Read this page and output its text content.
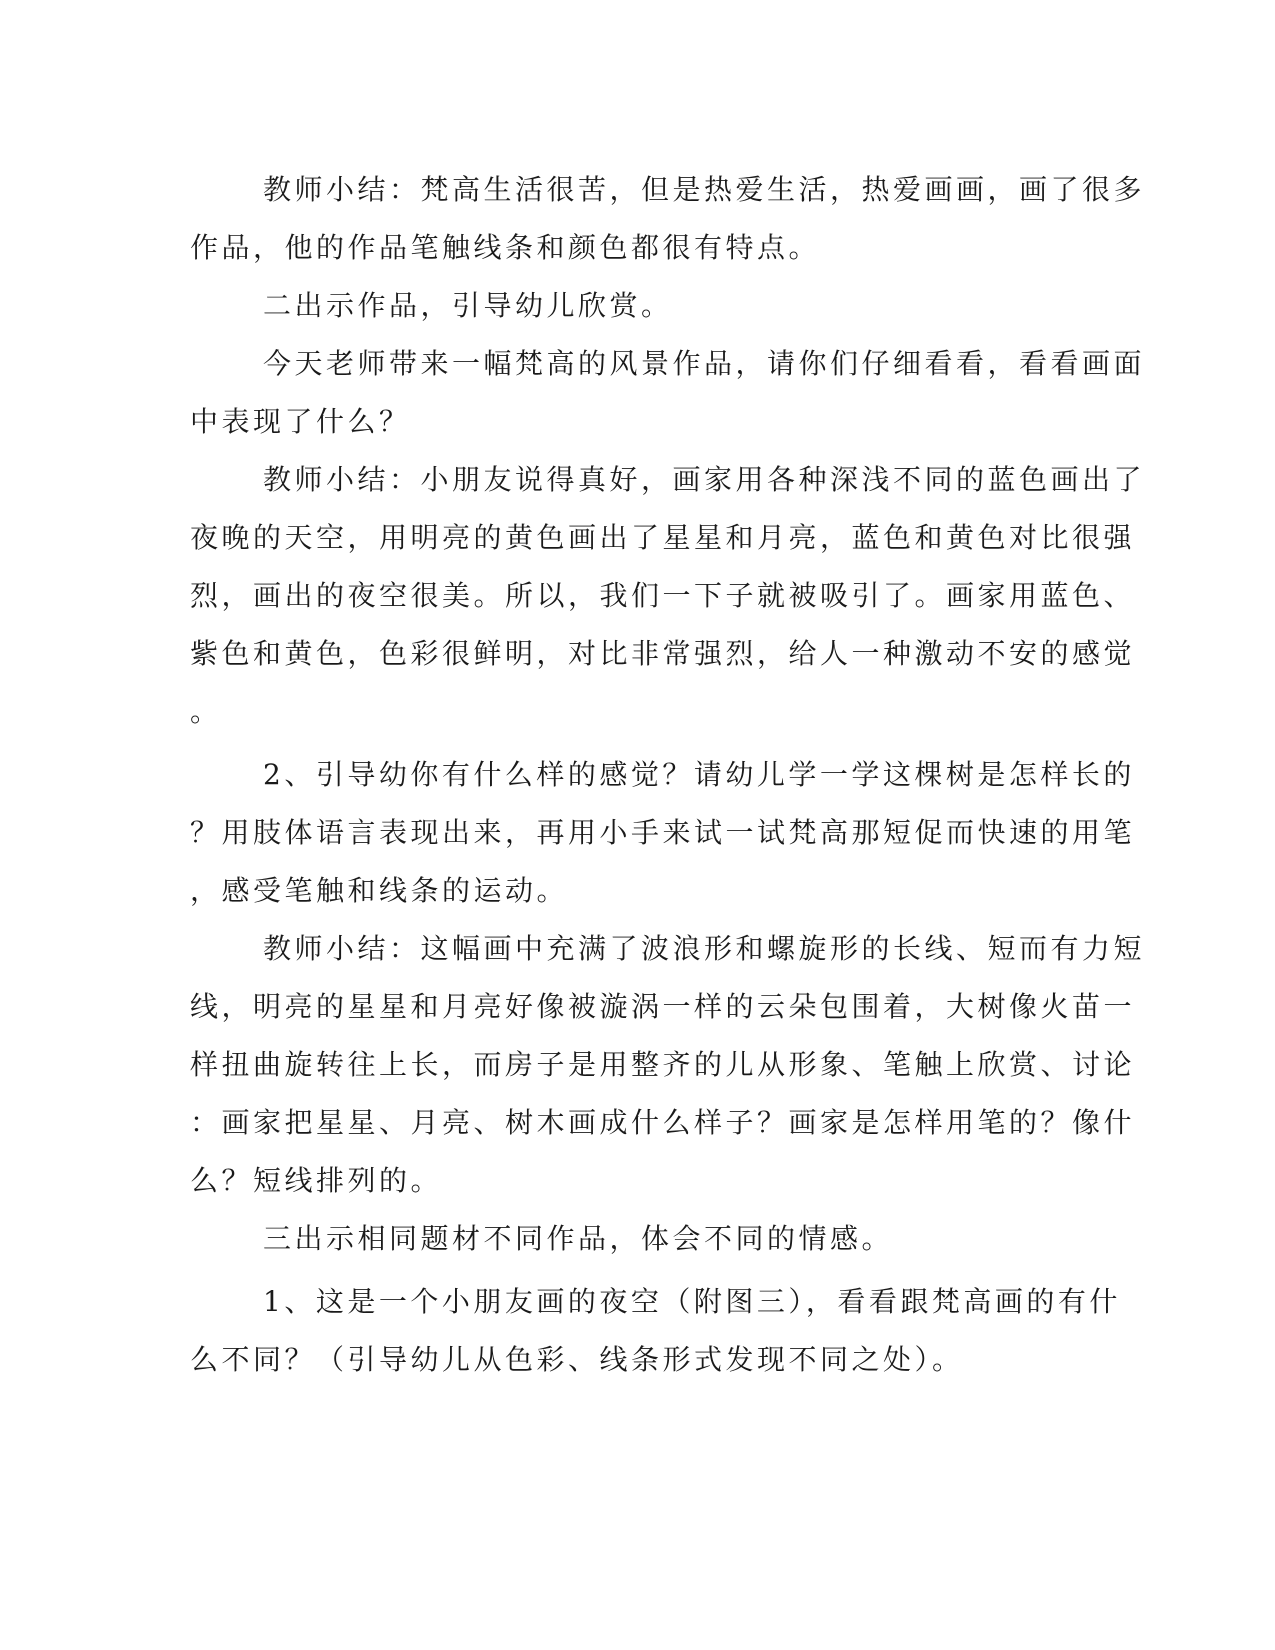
教师小结：梵高生活很苦，但是热爱生活，热爱画画，画了很多
作品，他的作品笔触线条和颜色都很有特点。
二出示作品，引导幼儿欣赏。
今天老师带来一幅梵高的风景作品，请你们仔细看看，看看画面
中表现了什么？
教师小结：小朋友说得真好，画家用各种深浅不同的蓝色画出了
夜晚的天空，用明亮的黄色画出了星星和月亮，蓝色和黄色对比很强
烈，画出的夜空很美。所以，我们一下子就被吸引了。画家用蓝色、
紫色和黄色，色彩很鲜明，对比非常强烈，给人一种激动不安的感觉
。
2、引导幼你有什么样的感觉？请幼儿学一学这棵树是怎样长的
？用肢体语言表现出来，再用小手来试一试梵高那短促而快速的用笔
，感受笔触和线条的运动。
教师小结：这幅画中充满了波浪形和螺旋形的长线、短而有力短
线，明亮的星星和月亮好像被漩涡一样的云朵包围着，大树像火苗一
样扭曲旋转往上长，而房子是用整齐的儿从形象、笔触上欣赏、讨论
：画家把星星、月亮、树木画成什么样子？画家是怎样用笔的？像什
么？短线排列的。
三出示相同题材不同作品，体会不同的情感。
1、这是一个小朋友画的夜空（附图三），看看跟梵高画的有什
么不同？（引导幼儿从色彩、线条形式发现不同之处）。
